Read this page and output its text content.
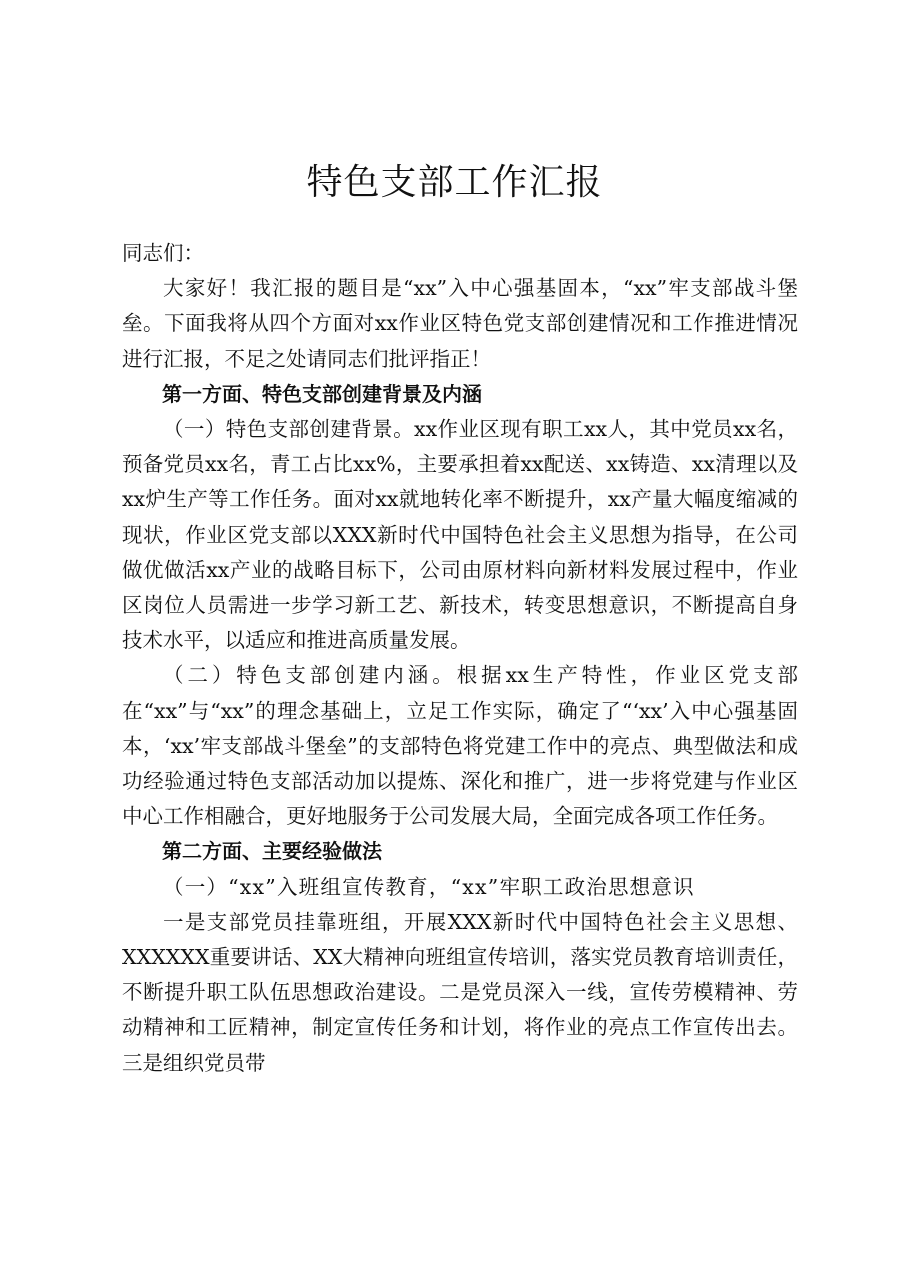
特色支部工作汇报

同志们：

大家好！我汇报的题目是“xx”入中心强基固本，“xx”牢支部战斗堡垒。下面我将从四个方面对xx作业区特色党支部创建情况和工作推进情况进行汇报，不足之处请同志们批评指正！

第一方面、特色支部创建背景及内涵

（一）特色支部创建背景。xx作业区现有职工xx人，其中党员xx名，预备党员xx名，青工占比xx%，主要承担着xx配送、xx铸造、xx清理以及xx炉生产等工作任务。面对xx就地转化率不断提升，xx产量大幅度缩减的现状，作业区党支部以XXX新时代中国特色社会主义思想为指导，在公司做优做活xx产业的战略目标下，公司由原材料向新材料发展过程中，作业区岗位人员需进一步学习新工艺、新技术，转变思想意识，不断提高自身技术水平，以适应和推进高质量发展。

（二）特色支部创建内涵。根据xx生产特性，作业区党支部在“xx”与“xx”的理念基础上，立足工作实际，确定了“‘xx’入中心强基固本，‘xx’牢支部战斗堡垒”的支部特色将党建工作中的亮点、典型做法和成功经验通过特色支部活动加以提炼、深化和推广，进一步将党建与作业区中心工作相融合，更好地服务于公司发展大局，全面完成各项工作任务。

第二方面、主要经验做法

（一）“xx”入班组宣传教育，“xx”牢职工政治思想意识

一是支部党员挂靠班组，开展XXX新时代中国特色社会主义思想、XXXXXX重要讲话、XX大精神向班组宣传培训，落实党员教育培训责任，不断提升职工队伍思想政治建设。二是党员深入一线，宣传劳模精神、劳动精神和工匠精神，制定宣传任务和计划，将作业的亮点工作宣传出去。三是组织党员带
